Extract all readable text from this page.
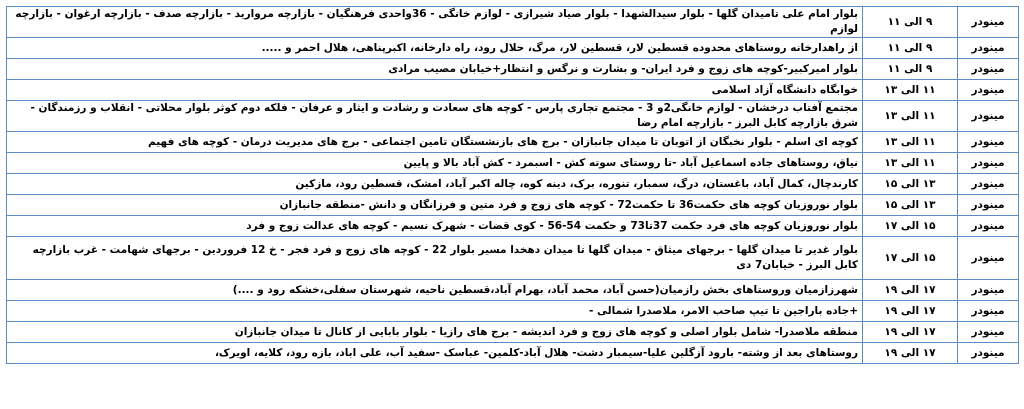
مینودر	۹ الی ۱۱	بلوار امام علی تامیدان گلها - بلوار سیدالشهدا - بلوار صیاد شیرازی - لوازم خانگی - 36واحدی فرهنگیان - بازارچه مروارید - بازارچه صدف - بازارچه ارغوان - بازارچه لوازم
مینودر	۹ الی ۱۱	از راهدارخانه روستاهای محدوده قسطین لار، قسطین لار، مرگ، حلال رود، راه دارخانه، اکبرپناهی، هلال احمر و .....
مینودر	۹ الی ۱۱	بلوار امیرکبیر-کوچه های زوج و فرد ایران- و بشارت و نرگس و انتظار+خیابان مصیب مرادی
مینودر	۱۱ الی ۱۳	خوابگاه دانشگاه آزاد اسلامی
مینودر	۱۱ الی ۱۳	مجتمع آفتاب درخشان - لوازم خانگی2و 3 - مجتمع تجاری پارس - کوچه های سعادت و رشادت و ایثار و عرفان - فلکه دوم کوثر بلوار محلاتی - انقلاب و رزمندگان - شرق بازارچه کابل البرز - بازارچه امام رضا
مینودر	۱۱ الی ۱۳	کوچه ای اسلم - بلوار نخبگان از اتوبان تا میدان جانبازان - برج های بازنشستگان تامین اجتماعی - برج های مدیریت درمان - کوچه های فهیم
مینودر	۱۱ الی ۱۳	نیاق، روستاهای جاده اسماعیل آباد -تا روستای سوته کش - اسبمرد - کش آباد بالا و پایین
مینودر	۱۳ الی ۱۵	کارندچال، کمال آباد، باغستان، درگ، سمبار، تنوره، برک، دینه کوه، چاله اکبر آباد، امشک، قسطین رود، مازکین
مینودر	۱۳ الی ۱۵	بلوار نوروزیان کوچه های حکمت36 تا حکمت72 - کوچه های زوج و فرد متین و فرزانگان و دانش -منطقه جانبازان
مینودر	۱۵ الی ۱۷	بلوار نوروزیان کوچه های فرد حکمت 37تا73 و حکمت 54-56 - کوی قضات - شهرک نسیم - کوچه های عدالت زوج و فرد
مینودر	۱۵ الی ۱۷	بلوار غدیر تا میدان گلها - برجهای میثاق - میدان گلها تا میدان دهخدا مسیر بلوار 22 - کوچه های زوج و فرد فجر - خ 12 فروردین - برجهای شهامت - غرب بازارچه کابل البرز - خیابان7 دی
مینودر	۱۷ الی ۱۹	شهرزازمیان وروستاهای بخش رازمیان(حسن آباد، محمد آباد، بهرام آباد،قسطین ناحیه، شهرستان سفلی،خشکه رود و ....)
مینودر	۱۷ الی ۱۹	+جاده باراجین تا تیپ صاحب الامر، ملاصدرا شمالی -
مینودر	۱۷ الی ۱۹	منطقه ملاصدرا- شامل بلوار اصلی و کوچه های زوج و فرد اندیشه - برج های رازیا - بلوار بابایی از کانال تا میدان جانبازان
مینودر	۱۷ الی ۱۹	روستاهای بعد از وشته- بارود آزگلین علیا-سیمبار دشت- هلال آباد-کلمین- عباسک -سفید آب، علی اباد، بازه رود، کلایه، اویرک،
